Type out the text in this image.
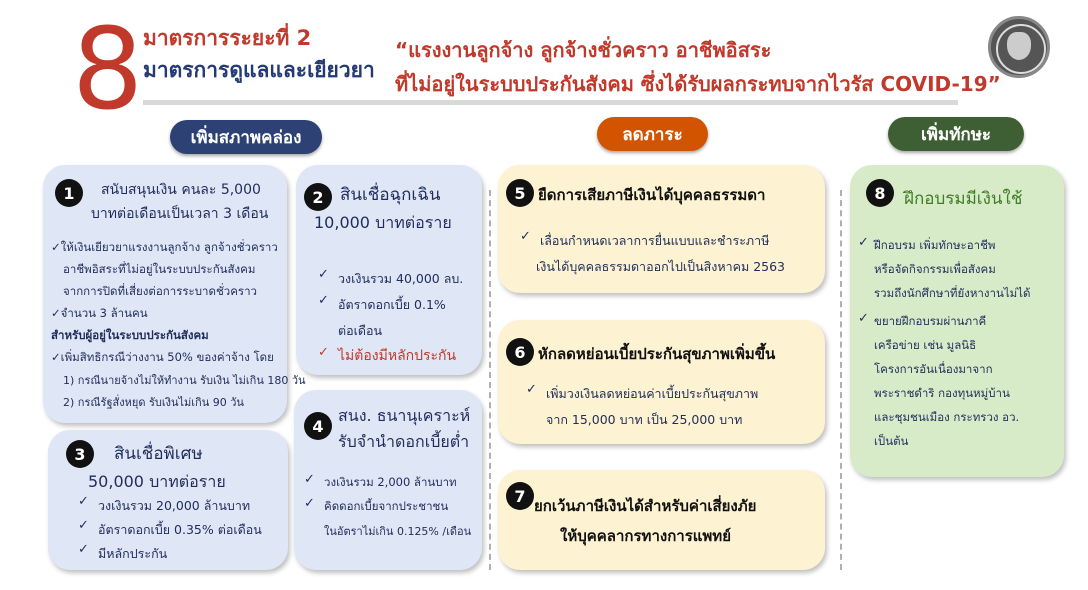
8 มาตรการระยะที่ 2
มาตรการดูแลและเยียวยา
“แรงงานลูกจ้าง ลูกจ้างชั่วคราว อาชีพอิสระ
ที่ไม่อยู่ในระบบประกันสังคม ซึ่งได้รับผลกระทบจากไวรัส COVID-19”
เพิ่มสภาพคล่อง	ลดภาระ	เพิ่มทักษะ
1	สนับสนุนเงิน คนละ 5,000
บาทต่อเดือนเป็นเวลา 3 เดือน
✓ให้เงินเยียวยาแรงงานลูกจ้าง ลูกจ้างชั่วคราว
อาชีพอิสระที่ไม่อยู่ในระบบประกันสังคม
จากการปิดที่เสี่ยงต่อการระบาดชั่วคราว
✓จำนวน 3 ล้านคน
สำหรับผู้อยู่ในระบบประกันสังคม
✓เพิ่มสิทธิกรณีว่างงาน 50% ของค่าจ้าง โดย
1) กรณีนายจ้างไม่ให้ทำงาน รับเงิน ไม่เกิน 180 วัน
2) กรณีรัฐสั่งหยุด รับเงินไม่เกิน 90 วัน
2 สินเชื่อฉุกเฉิน
10,000 บาทต่อราย
✓ วงเงินรวม 40,000 ลบ.
✓ อัตราดอกเบี้ย 0.1%
ต่อเดือน
✓ ไม่ต้องมีหลักประกัน
3	สินเชื่อพิเศษ
50,000 บาทต่อราย
✓ วงเงินรวม 20,000 ล้านบาท
✓ อัตราดอกเบี้ย 0.35% ต่อเดือน
✓ มีหลักประกัน
4
สนง. ธนานุเคราะห์
รับจำนำดอกเบี้ยต่ำ
✓ วงเงินรวม 2,000 ล้านบาท
✓ คิดดอกเบี้ยจากประชาชน
ในอัตราไม่เกิน 0.125% /เดือน
5 ยืดการเสียภาษีเงินได้บุคคลธรรมดา
✓ เลื่อนกำหนดเวลาการยื่นแบบและชำระภาษี
เงินได้บุคคลธรรมดาออกไปเป็นสิงหาคม 2563
6 หักลดหย่อนเบี้ยประกันสุขภาพเพิ่มขึ้น
✓ เพิ่มวงเงินลดหย่อนค่าเบี้ยประกันสุขภาพ
จาก 15,000 บาท เป็น 25,000 บาท
7
ยกเว้นภาษีเงินได้สำหรับค่าเสี่ยงภัย
ให้บุคคลากรทางการแพทย์
8	ฝึกอบรมมีเงินใช้
✓ ฝึกอบรม เพิ่มทักษะอาชีพ
หรือจัดกิจกรรมเพื่อสังคม
รวมถึงนักศึกษาที่ยังหางานไม่ได้
✓ ขยายฝึกอบรมผ่านภาคี
เครือข่าย เช่น มูลนิธิ
โครงการอันเนื่องมาจาก
พระราชดำริ กองทุนหมู่บ้าน
และชุมชนเมือง กระทรวง อว.
เป็นต้น
